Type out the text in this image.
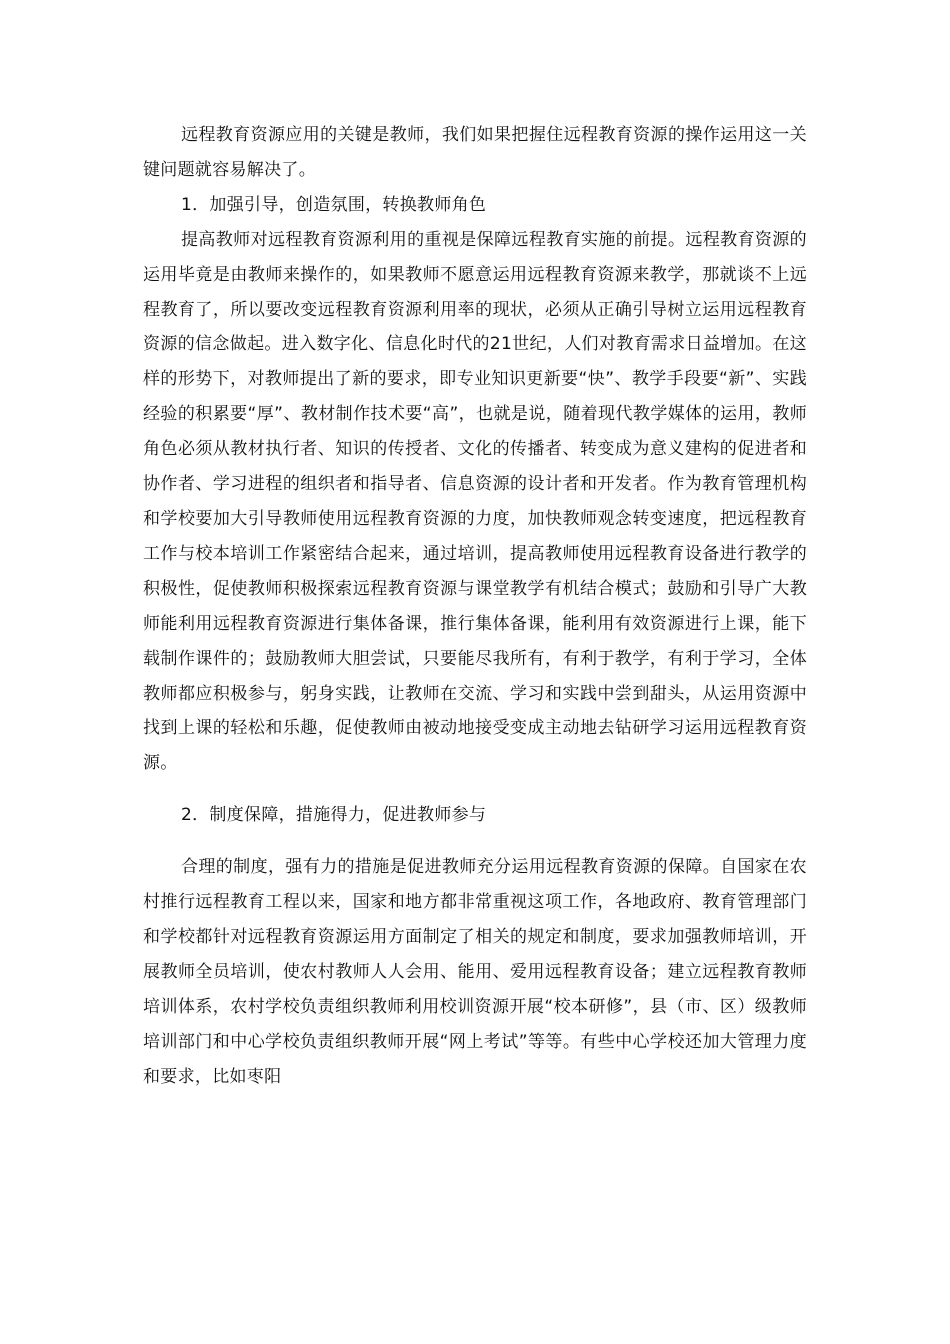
远程教育资源应用的关键是教师，我们如果把握住远程教育资源的操作运用这一关键问题就容易解决了。

1．加强引导，创造氛围，转换教师角色

提高教师对远程教育资源利用的重视是保障远程教育实施的前提。远程教育资源的运用毕竟是由教师来操作的，如果教师不愿意运用远程教育资源来教学，那就谈不上远程教育了，所以要改变远程教育资源利用率的现状，必须从正确引导树立运用远程教育资源的信念做起。进入数字化、信息化时代的21世纪，人们对教育需求日益增加。在这样的形势下，对教师提出了新的要求，即专业知识更新要“快”、教学手段要“新”、实践经验的积累要“厚”、教材制作技术要“高”，也就是说，随着现代教学媒体的运用，教师角色必须从教材执行者、知识的传授者、文化的传播者、转变成为意义建构的促进者和协作者、学习进程的组织者和指导者、信息资源的设计者和开发者。作为教育管理机构和学校要加大引导教师使用远程教育资源的力度，加快教师观念转变速度，把远程教育工作与校本培训工作紧密结合起来，通过培训，提高教师使用远程教育设备进行教学的积极性，促使教师积极探索远程教育资源与课堂教学有机结合模式；鼓励和引导广大教师能利用远程教育资源进行集体备课，推行集体备课，能利用有效资源进行上课，能下载制作课件的；鼓励教师大胆尝试，只要能尽我所有，有利于教学，有利于学习，全体教师都应积极参与，躬身实践，让教师在交流、学习和实践中尝到甜头，从运用资源中找到上课的轻松和乐趣，促使教师由被动地接受变成主动地去钻研学习运用远程教育资源。

2．制度保障，措施得力，促进教师参与

合理的制度，强有力的措施是促进教师充分运用远程教育资源的保障。自国家在农村推行远程教育工程以来，国家和地方都非常重视这项工作，各地政府、教育管理部门和学校都针对远程教育资源运用方面制定了相关的规定和制度，要求加强教师培训，开展教师全员培训，使农村教师人人会用、能用、爱用远程教育设备；建立远程教育教师培训体系，农村学校负责组织教师利用校训资源开展“校本研修”，县（市、区）级教师培训部门和中心学校负责组织教师开展“网上考试”等等。有些中心学校还加大管理力度和要求，比如枣阳
